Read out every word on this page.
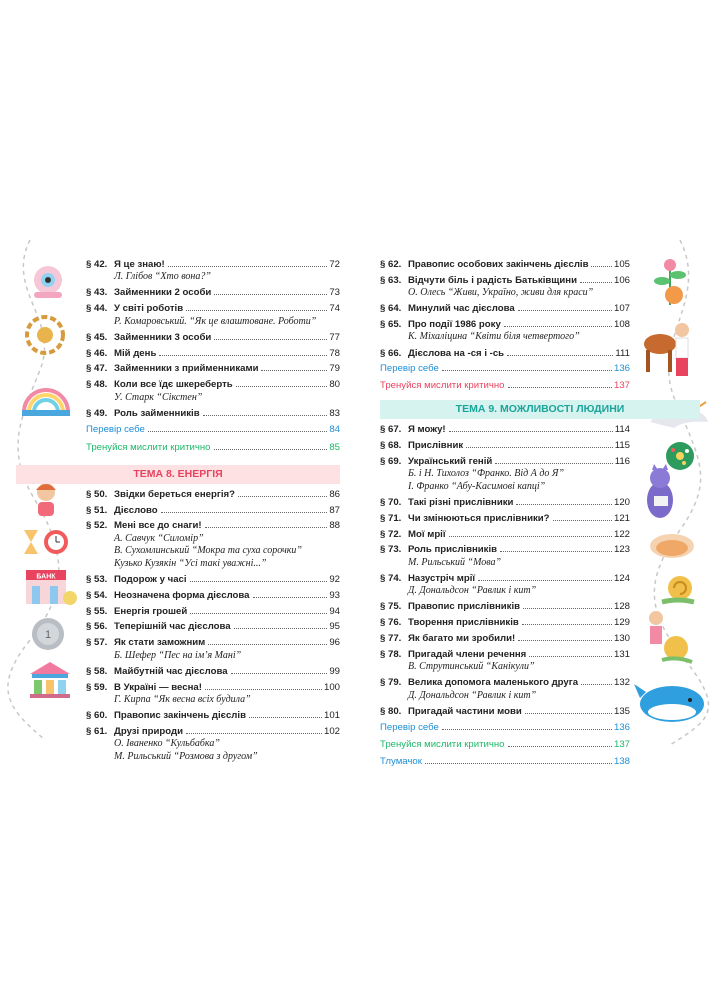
БАНК
1
§ 42. Я це знаю!	72
Л. Глібов “Хто вона?”
§ 43. Займенники 2 особи	73
§ 44. У світі роботів	74
Р. Комаровський. “Як це влаштоване. Роботи”
§ 45. Займенники 3 особи	77
§ 46. Мій день	78
§ 47. Займенники з прийменниками	79
§ 48. Коли все їдє шкереберть	80
У. Старк “Сікстен”
§ 49. Роль займенників	83
Перевір себе	84
Тренуйся мислити критично	85
ТЕМА 8. ЕНЕРГІЯ
§ 50. Звідки береться енергія?	86
§ 51. Дієслово	87
§ 52. Мені все до снаги!	88
А. Савчук “Силомір”
В. Сухомлинський “Мокра та суха сорочки”
Кузько Кузякін “Усі такі уважні...”
§ 53. Подорож у часі	92
§ 54. Неозначена форма дієслова	93
§ 55. Енергія грошей	94
§ 56. Теперішній час дієслова	95
§ 57. Як стати заможним	96
Б. Шефер “Пес на ім’я Мані”
§ 58. Майбутній час дієслова	99
§ 59. В Україні — весна!	100
Г. Кирпа “Як весна всіх будила”
§ 60. Правопис закінчень дієслів	101
§ 61. Друзі природи	102
О. Іваненко “Кульбабка”
М. Рильський “Розмова з другом”
§ 62. Правопис особових закінчень дієслів	105
§ 63. Відчути біль і радість Батьківщини	106
О. Олесь “Живи, Україно, живи для краси”
§ 64. Минулий час дієслова	107
§ 65. Про події 1986 року	108
К. Міхаліцина “Квіти біля четвертого”
§ 66. Дієслова на -ся і -сь	111
Перевір себе	136
Тренуйся мислити критично	137
ТЕМА 9. МОЖЛИВОСТІ ЛЮДИНИ
§ 67. Я можу!	114
§ 68. Прислівник	115
§ 69. Український геній	116
Б. і Н. Тихолоз “Франко. Від А до Я”
І. Франко “Абу-Касимові капці”
§ 70. Такі різні прислівники	120
§ 71. Чи змінюються прислівники?	121
§ 72. Мої мрії	122
§ 73. Роль прислівників	123
М. Рильський “Мова”
§ 74. Назустріч мрії	124
Д. Дональдсон “Равлик і кит”
§ 75. Правопис прислівників	128
§ 76. Творення прислівників	129
§ 77. Як багато ми зробили!	130
§ 78. Пригадай члени речення	131
В. Струтинський “Канікули”
§ 79. Велика допомога маленького друга	132
Д. Дональдсон “Равлик і кит”
§ 80. Пригадай частини мови	135
Перевір себе	136
Тренуйся мислити критично	137
Тлумачок	138
